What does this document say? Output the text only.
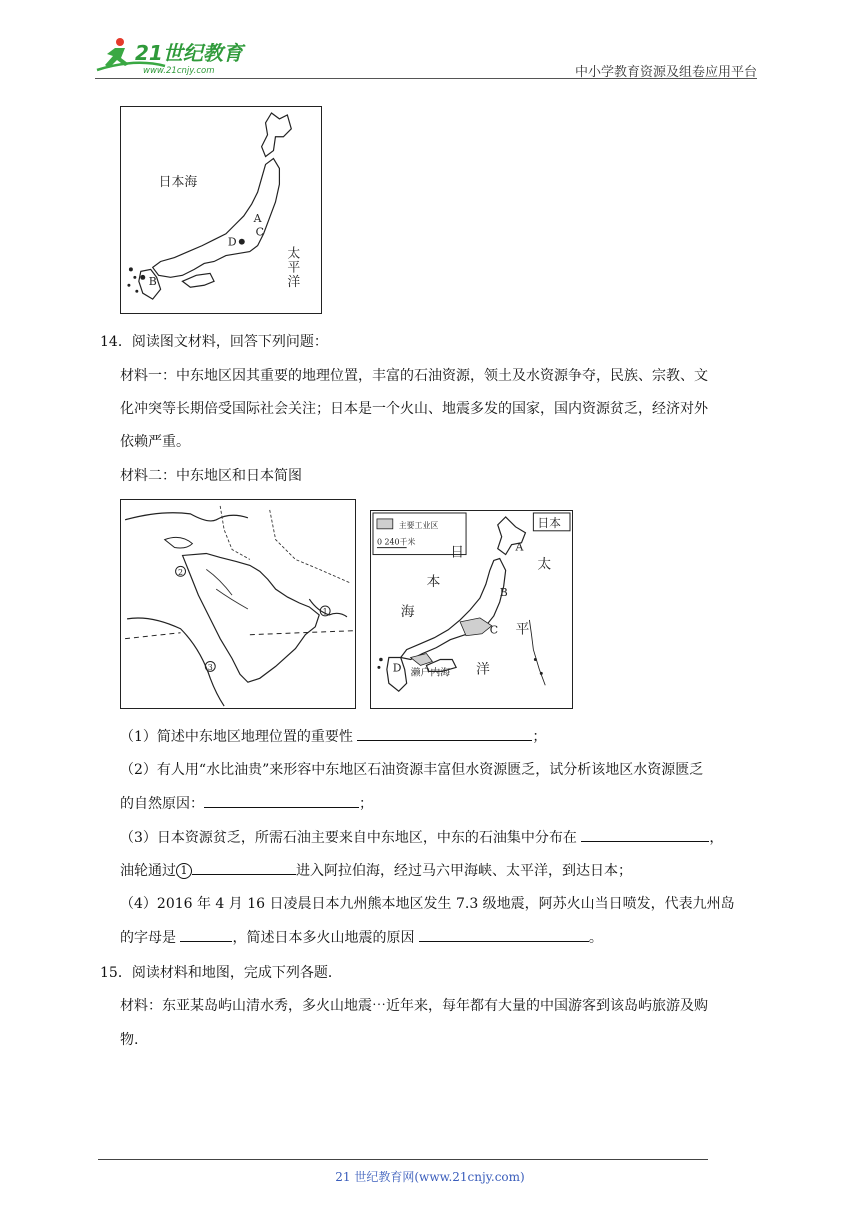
21世纪教育
www.21cnjy.com	中小学教育资源及组卷应用平台
日本海
A
C
D
B
太
平
洋
14．阅读图文材料，回答下列问题：
材料一：中东地区因其重要的地理位置，丰富的石油资源，领土及水资源争夺，民族、宗教、文
化冲突等长期倍受国际社会关注；日本是一个火山、地震多发的国家，国内资源贫乏，经济对外
依赖严重。
材料二：中东地区和日本简图
1
2
3
主要工业区
0 240千米
日本
A
B
C
D
日
本
海
太
平
洋
濑户内海
（1）简述中东地区地理位置的重要性	；
（2）有人用“水比油贵”来形容中东地区石油资源丰富但水资源匮乏，试分析该地区水资源匮乏
的自然原因：	；
（3）日本资源贫乏，所需石油主要来自中东地区，中东的石油集中分布在	，
油轮通过 1	进入阿拉伯海，经过马六甲海峡、太平洋，到达日本；
（4）2016 年 4 月 16 日凌晨日本九州熊本地区发生 7.3 级地震，阿苏火山当日喷发，代表九州岛
的字母是	，简述日本多火山地震的原因	。
15．阅读材料和地图，完成下列各题．
材料：东亚某岛屿山清水秀，多火山地震⋯近年来，每年都有大量的中国游客到该岛屿旅游及购
物.
21 世纪教育网(www.21cnjy.com)
